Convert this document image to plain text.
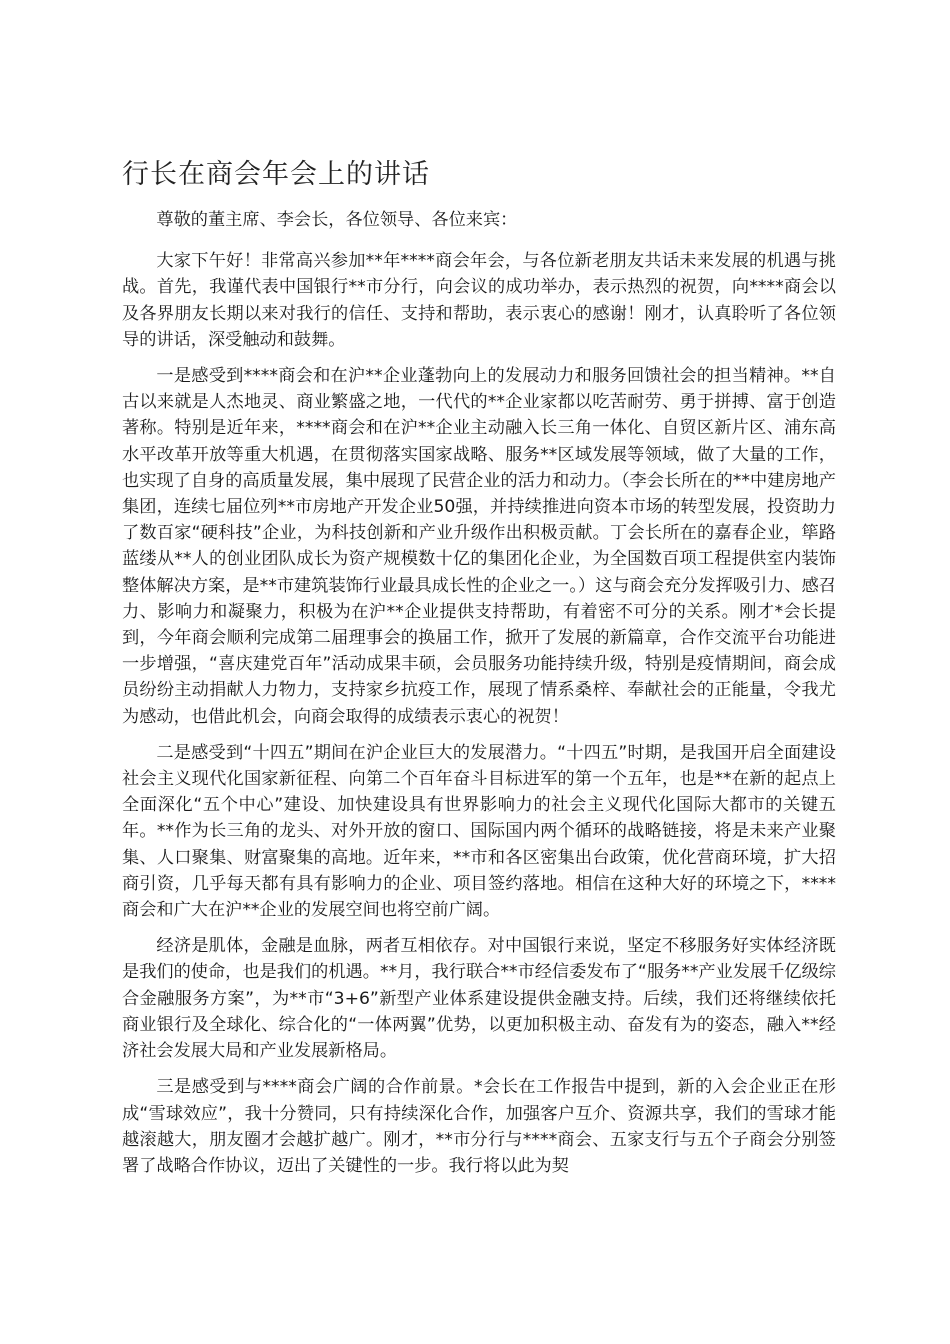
行长在商会年会上的讲话

尊敬的董主席、李会长，各位领导、各位来宾：

大家下午好！非常高兴参加**年****商会年会，与各位新老朋友共话未来发展的机遇与挑战。首先，我谨代表中国银行**市分行，向会议的成功举办，表示热烈的祝贺，向****商会以及各界朋友长期以来对我行的信任、支持和帮助，表示衷心的感谢！刚才，认真聆听了各位领导的讲话，深受触动和鼓舞。

一是感受到****商会和在沪**企业蓬勃向上的发展动力和服务回馈社会的担当精神。**自古以来就是人杰地灵、商业繁盛之地，一代代的**企业家都以吃苦耐劳、勇于拼搏、富于创造著称。特别是近年来，****商会和在沪**企业主动融入长三角一体化、自贸区新片区、浦东高水平改革开放等重大机遇，在贯彻落实国家战略、服务**区域发展等领域，做了大量的工作，也实现了自身的高质量发展，集中展现了民营企业的活力和动力。（李会长所在的**中建房地产集团，连续七届位列**市房地产开发企业50强，并持续推进向资本市场的转型发展，投资助力了数百家“硬科技”企业，为科技创新和产业升级作出积极贡献。丁会长所在的嘉春企业，筚路蓝缕从**人的创业团队成长为资产规模数十亿的集团化企业，为全国数百项工程提供室内装饰整体解决方案，是**市建筑装饰行业最具成长性的企业之一。）这与商会充分发挥吸引力、感召力、影响力和凝聚力，积极为在沪**企业提供支持帮助，有着密不可分的关系。刚才*会长提到，今年商会顺利完成第二届理事会的换届工作，掀开了发展的新篇章，合作交流平台功能进一步增强，“喜庆建党百年”活动成果丰硕，会员服务功能持续升级，特别是疫情期间，商会成员纷纷主动捐献人力物力，支持家乡抗疫工作，展现了情系桑梓、奉献社会的正能量，令我尤为感动，也借此机会，向商会取得的成绩表示衷心的祝贺！

二是感受到“十四五”期间在沪企业巨大的发展潜力。“十四五”时期，是我国开启全面建设社会主义现代化国家新征程、向第二个百年奋斗目标进军的第一个五年，也是**在新的起点上全面深化“五个中心”建设、加快建设具有世界影响力的社会主义现代化国际大都市的关键五年。**作为长三角的龙头、对外开放的窗口、国际国内两个循环的战略链接，将是未来产业聚集、人口聚集、财富聚集的高地。近年来，**市和各区密集出台政策，优化营商环境，扩大招商引资，几乎每天都有具有影响力的企业、项目签约落地。相信在这种大好的环境之下，****商会和广大在沪**企业的发展空间也将空前广阔。

经济是肌体，金融是血脉，两者互相依存。对中国银行来说，坚定不移服务好实体经济既是我们的使命，也是我们的机遇。**月，我行联合**市经信委发布了“服务**产业发展千亿级综合金融服务方案”，为**市“3+6”新型产业体系建设提供金融支持。后续，我们还将继续依托商业银行及全球化、综合化的“一体两翼”优势，以更加积极主动、奋发有为的姿态，融入**经济社会发展大局和产业发展新格局。

三是感受到与****商会广阔的合作前景。*会长在工作报告中提到，新的入会企业正在形成“雪球效应”，我十分赞同，只有持续深化合作，加强客户互介、资源共享，我们的雪球才能越滚越大，朋友圈才会越扩越广。刚才，**市分行与****商会、五家支行与五个子商会分别签署了战略合作协议，迈出了关键性的一步。我行将以此为契
